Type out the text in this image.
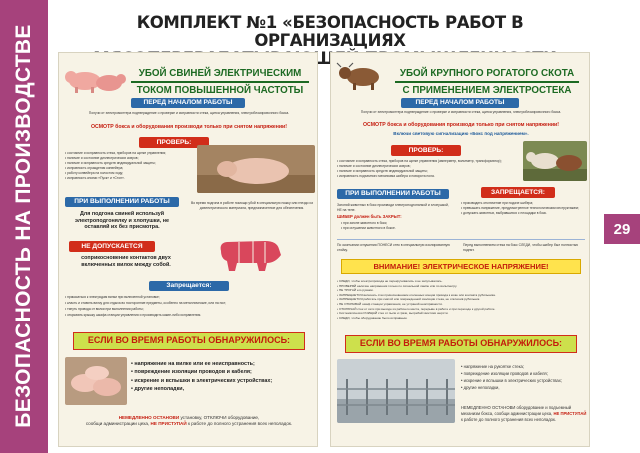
БЕЗОПАСНОСТЬ НА ПРОИЗВОДСТВЕ	29
КОМПЛЕКТ №1 «БЕЗОПАСНОСТЬ РАБОТ В ОРГАНИЗАЦИЯХ
УБОЙ СВИНЕЙ ЭЛЕКТРИЧЕСКИМ
ТОКОМ ПОВЫШЕННОЙ ЧАСТОТЫ
ПЕРЕД НАЧАЛОМ РАБОТЫ
Получи от электромонтера подтверждение о проверке и исправности стека, щитка управления, электроблокировочного бокса.
ОСМОТР бокса и оборудования производи только при снятом напряжении!
ПРОВЕРЬ:
• состояние и исправность стека, приборов на щитке управления;
• наличие и состояние диэлектрических ковров;
• наличие и исправность средств индивидуальной защиты;
• исправность ограждения конвейера;
• работу конвейера на холостом ходу;
• исправность кнопки «Пуск» и «Стоп».
ПРИ ВЫПОЛНЕНИИ РАБОТЫ
Для подгона свиней используй электроподгонялку и хлопушки, не оставляй их без присмотра.
Во время подгона в работе помощи убой в специальную ножку или гнездо из диэлектрического материала, предназначенное для обеспечения.
НЕ ДОПУСКАЕТСЯ
соприкосновение контактов двух включенных вилок между собой.
Запрещается:
• прикасаться к электродам вилки при включенной установке;
• класть и ставить вилку для отдыха во посторонние предметы, особенно на металлические, или на пол;
• тянуть провода от вилки при выполнении работы;
• открывать крышку шкафа станции управления и производить какие-либо исправления.
ЕСЛИ ВО ВРЕМЯ РАБОТЫ ОБНАРУЖИЛОСЬ:
• напряжение на вилке или ее неисправность;
• повреждение изоляции проводов и кабеля;
• искрение и вспышки в электрических устройствах;
• другие неполадки,
НЕМЕДЛЕННО ОСТАНОВИ установку, ОТКЛЮЧИ оборудование,
сообщи администрации цеха, НЕ ПРИСТУПАЙ к работе до полного устранения всех неполадок.
УБОЙ КРУПНОГО РОГАТОГО СКОТА
С ПРИМЕНЕНИЕМ ЭЛЕКТРОСТЕКА
ПЕРЕД НАЧАЛОМ РАБОТЫ
Получи от электромонтера подтверждение о проверке и исправности стека, щитка управления, электроблокировочного бокса.
ОСМОТР бокса и оборудования производи только при снятом напряжении!
Включи световую сигнализацию «Бокс под напряжением».
ПРОВЕРЬ:
• состояние и исправность стека, приборов на щитке управления (амперметр, вольтметр, трансформатор);
• наличие и состояние диэлектрических ковров;
• наличие и исправность средств индивидуальной защиты;
• исправность подъемного механизма шибера и поворота пола.
ПРИ ВЫПОЛНЕНИИ РАБОТЫ	ЗАПРЕЩАЕТСЯ:
Загоняй животных в бокс производи электроподгонялкой и хлопушкой, НЕ на теле.
ШИБЕР должен быть ЗАКРЫТ:
• при загоне животного в бокс;
• при оглушении животного в боксе.
• производить отключение при подаче шибера;
• превышать напряжение, предусмотренное технологическим инструктажем;
• допускать животных, выбравшихся с площадки в бокс.
По окончании оглушения ПОНЕСИ стек в специальную изолированную стойку.
Перед выполнением стека на бокс СЛЕДИ, чтобы шибер был полностью поднят.
ВНИМАНИЕ! ЭЛЕКТРИЧЕСКОЕ НАПРЯЖЕНИЕ!
• СЛЕДИ, чтобы электропровода не перекручивались и не запутывались.
• ПРОВЕРЯЙ наличие напряжения только по сигнальной лампе или по вольтметру.
• НЕ ТРОГАЙ его руками.
• ЗАПРЕЩАЕТСЯ включать стек прикосновением оголенных концов провода к коже или контакта рубильника.
• ЗАПРЕЩАЕТСЯ работать при снятой или поврежденной изоляции стека, не отключив рубильник.
• НЕ ОТКРЫВАЙ шкаф станции управления, не устраняй неисправности.
• ОТКЛЮЧАЙ стек от сети при выходе из рабочего места, перерыве в работе и при переходе к другой работе.
• Систематически ОЧИЩАЙ стек от пыли и грязи, выгребай хвостики шерсти.
• СЛЕДИ, чтобы оборудование было исправным.
ЕСЛИ ВО ВРЕМЯ РАБОТЫ ОБНАРУЖИЛОСЬ:
• напряжение на рукоятке стека;
• повреждение изоляции проводов и кабеля;
• искрение и вспышки в электрических устройствах;
• другие неполадки,
НЕМЕДЛЕННО ОСТАНОВИ оборудование и подъемный механизм бокса, сообщи администрации цеха, НЕ ПРИСТУПАЙ к работе до полного устранения всех неполадок.
